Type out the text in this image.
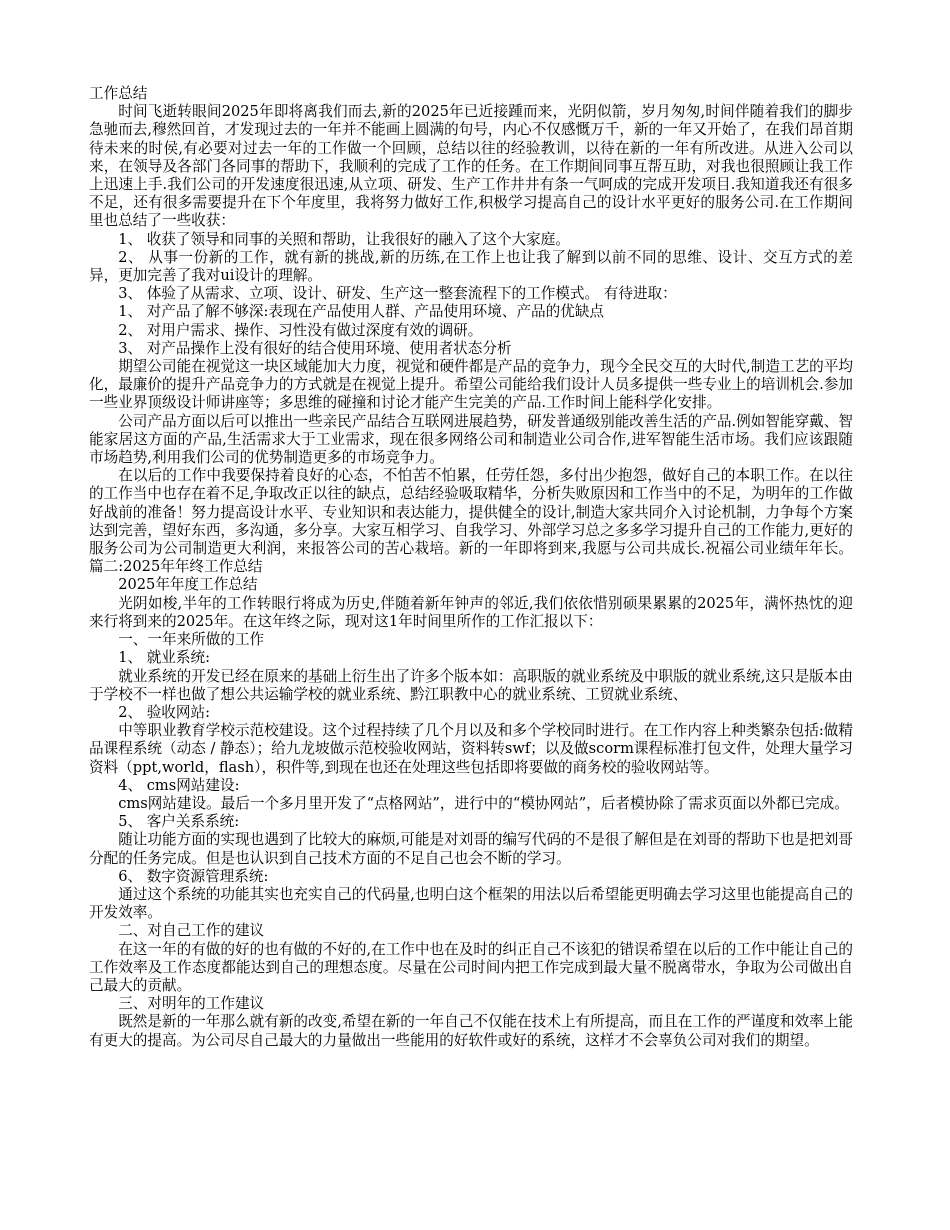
工作总结

时间飞逝转眼间2025年即将离我们而去,新的2025年已近接踵而来，光阴似箭，岁月匆匆,时间伴随着我们的脚步急驰而去,穆然回首，才发现过去的一年并不能画上圆满的句号，内心不仅感慨万千，新的一年又开始了，在我们昂首期待未来的时侯,有必要对过去一年的工作做一个回顾，总结以往的经验教训，以待在新的一年有所改进。从进入公司以来，在领导及各部门各同事的帮助下，我顺利的完成了工作的任务。在工作期间同事互帮互助，对我也很照顾让我工作上迅速上手.我们公司的开发速度很迅速,从立项、研发、生产工作井井有条一气呵成的完成开发项目.我知道我还有很多不足，还有很多需要提升在下个年度里，我将努力做好工作,积极学习提高自己的设计水平更好的服务公司.在工作期间里也总结了一些收获：

1、 收获了领导和同事的关照和帮助，让我很好的融入了这个大家庭。

2、 从事一份新的工作，就有新的挑战,新的历练,在工作上也让我了解到以前不同的思维、设计、交互方式的差异，更加完善了我对ui设计的理解。

3、 体验了从需求、立项、设计、研发、生产这一整套流程下的工作模式。 有待进取：

1、 对产品了解不够深:表现在产品使用人群、产品使用环境、产品的优缺点

2、 对用户需求、操作、习性没有做过深度有效的调研。

3、 对产品操作上没有很好的结合使用环境、使用者状态分析

期望公司能在视觉这一块区域能加大力度，视觉和硬件都是产品的竞争力，现今全民交互的大时代,制造工艺的平均化，最廉价的提升产品竞争力的方式就是在视觉上提升。希望公司能给我们设计人员多提供一些专业上的培训机会.参加一些业界顶级设计师讲座等；多思维的碰撞和讨论才能产生完美的产品.工作时间上能科学化安排。

公司产品方面以后可以推出一些亲民产品结合互联网进展趋势，研发普通级别能改善生活的产品.例如智能穿戴、智能家居这方面的产品,生活需求大于工业需求，现在很多网络公司和制造业公司合作,进军智能生活市场。我们应该跟随市场趋势,利用我们公司的优势制造更多的市场竞争力。

在以后的工作中我要保持着良好的心态，不怕苦不怕累，任劳任怨，多付出少抱怨，做好自己的本职工作。在以往的工作当中也存在着不足,争取改正以往的缺点，总结经验吸取精华，分析失败原因和工作当中的不足，为明年的工作做好战前的准备！努力提高设计水平、专业知识和表达能力，提供健全的设计,制造大家共同介入讨论机制，力争每个方案达到完善，望好东西，多沟通，多分享。大家互相学习、自我学习、外部学习总之多多学习提升自己的工作能力,更好的服务公司为公司制造更大利润，来报答公司的苦心栽培。新的一年即将到来,我愿与公司共成长.祝福公司业绩年年长。篇二:2025年年终工作总结

2025年年度工作总结

光阴如梭,半年的工作转眼行将成为历史,伴随着新年钟声的邻近,我们依依惜别硕果累累的2025年，满怀热忱的迎来行将到来的2025年。在这年终之际，现对这1年时间里所作的工作汇报以下：

一、一年来所做的工作

1、 就业系统:

就业系统的开发已经在原来的基础上衍生出了许多个版本如：高职版的就业系统及中职版的就业系统,这只是版本由于学校不一样也做了想公共运输学校的就业系统、黔江职教中心的就业系统、工贸就业系统、

2、 验收网站:

中等职业教育学校示范校建设。这个过程持续了几个月以及和多个学校同时进行。在工作内容上种类繁杂包括:做精品课程系统（动态 / 静态）；给九龙坡做示范校验收网站，资料转swf；以及做scorm课程标准打包文件，处理大量学习资料（ppt,world，flash），积件等,到现在也还在处理这些包括即将要做的商务校的验收网站等。

4、 cms网站建设:

cms网站建设。最后一个多月里开发了“点格网站”，进行中的“模协网站”，后者模协除了需求页面以外都已完成。

5、 客户关系系统:

随让功能方面的实现也遇到了比较大的麻烦,可能是对刘哥的编写代码的不是很了解但是在刘哥的帮助下也是把刘哥分配的任务完成。但是也认识到自己技术方面的不足自己也会不断的学习。

6、 数字资源管理系统:

通过这个系统的功能其实也充实自己的代码量,也明白这个框架的用法以后希望能更明确去学习这里也能提高自己的开发效率。

二、对自己工作的建议

在这一年的有做的好的也有做的不好的,在工作中也在及时的纠正自己不该犯的错误希望在以后的工作中能让自己的工作效率及工作态度都能达到自己的理想态度。尽量在公司时间内把工作完成到最大量不脱离带水，争取为公司做出自己最大的贡献。

三、对明年的工作建议

既然是新的一年那么就有新的改变,希望在新的一年自己不仅能在技术上有所提高，而且在工作的严谨度和效率上能有更大的提高。为公司尽自己最大的力量做出一些能用的好软件或好的系统，这样才不会辜负公司对我们的期望。
